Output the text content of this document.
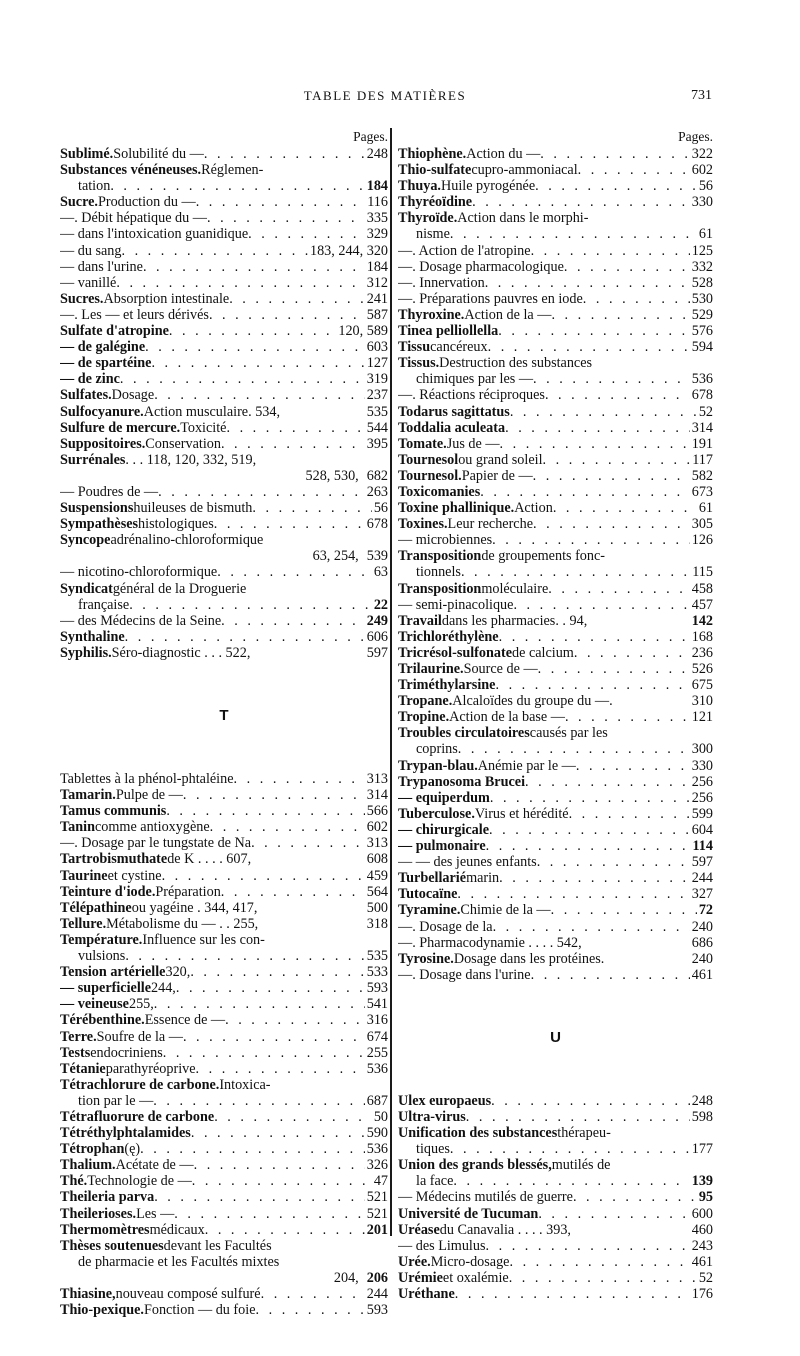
TABLE DES MATIÈRES	731
Pages.
Sublimé. Solubilité du — . . .	248
Substances vénéneuses. Réglemen-
tation . . .	184
Sucre. Production du — . . .	116
—. Débit hépatique du — . . .	335
— dans l'intoxication guanidique . . .	329
— du sang . . .	183, 244, 320
— dans l'urine . . .	184
— vanillé . . .	312
Sucres. Absorption intestinale . . .	241
—. Les — et leurs dérivés . . .	587
Sulfate d'atropine . . .	120, 589
— de galégine . . .	603
— de spartéine . . .	127
— de zinc . . .	319
Sulfates. Dosage . . .	237
Sulfocyanure. Action musculaire. 534,	535
Sulfure de mercure. Toxicité . . .	544
Suppositoires. Conservation . . .	395
Surrénales . . . 118, 120, 332, 519,
528, 530, 682
— Poudres de — . . .	263
Suspensions huileuses de bismuth . . .	56
Sympathèses histologiques . . .	678
Syncope adrénalino-chloroformique
63, 254, 539
— nicotino-chloroformique . . .	63
Syndicat général de la Droguerie
française . . .	22
— des Médecins de la Seine . . .	249
Synthaline . . .	606
Syphilis. Séro-diagnostic . . . 522,	597
T
Tablettes à la phénol-phtaléine . . .	313
Tamarin. Pulpe de — . . .	314
Tamus communis . . .	566
Tanin comme antioxygène . . .	602
—. Dosage par le tungstate de Na . . .	313
Tartrobismuthate de K . . . . 607,	608
Taurine et cystine . . .	459
Teinture d'iode. Préparation . . .	564
Télépathine ou yagéine . 344, 417,	500
Tellure. Métabolisme du — . . 255,	318
Température. Influence sur les con-
vulsions . . .	535
Tension artérielle 320, . . .	533
— superficielle 244, . . .	593
— veineuse 255, . . .	541
Térébenthine. Essence de — . . .	316
Terre. Soufre de la — . . .	674
Tests endocriniens . . .	255
Tétanie parathyréoprive . . .	536
Tétrachlorure de carbone. Intoxica-
tion par le — . . .	687
Tétrafluorure de carbone . . .	50
Tétréthylphtalamides . . .	590
Tétrophan (ę) . . .	536
Thalium. Acétate de — . . .	326
Thé. Technologie de — . . .	47
Theileria parva . . .	521
Theilerioses. Les — . . .	521
Thermomètres médicaux . . .	201
Thèses soutenues devant les Facultés
de pharmacie et les Facultés mixtes
204, 206
Thiasine, nouveau composé sulfuré . . .	244
Thio-pexique. Fonction — du foie . . .	593
Pages.
Thiophène. Action du — . . .	322
Thio-sulfate cupro-ammoniacal . . .	602
Thuya. Huile pyrogénée . . .	56
Thyréoïdine . . .	330
Thyroïde. Action dans le morphi-
nisme . . .	61
—. Action de l'atropine . . .	125
—. Dosage pharmacologique . . .	332
—. Innervation . . .	528
—. Préparations pauvres en iode . . .	530
Thyroxine. Action de la — . . .	529
Tinea pelliollella . . .	576
Tissu cancéreux . . .	594
Tissus. Destruction des substances
chimiques par les — . . .	536
—. Réactions réciproques . . .	678
Todarus sagittatus . . .	52
Toddalia aculeata . . .	314
Tomate. Jus de — . . .	191
Tournesol ou grand soleil . . .	117
Tournesol. Papier de — . . .	582
Toxicomanies . . .	673
Toxine phallinique. Action . . .	61
Toxines. Leur recherche . . .	305
— microbiennes . . .	126
Transposition de groupements fonc-
tionnels . . .	115
Transposition moléculaire . . .	458
— semi-pinacolique . . .	457
Travail dans les pharmacies. . 94,	142
Trichloréthylène . . .	168
Tricrésol-sulfonate de calcium . . .	236
Trilaurine. Source de — . . .	526
Triméthylarsine . . .	675
Tropane. Alcaloïdes du groupe du —.	310
Tropine. Action de la base — . . .	121
Troubles circulatoires causés par les
coprins . . .	300
Trypan-blau. Anémie par le — . . .	330
Trypanosoma Brucei . . .	256
— equiperdum . . .	256
Tuberculose. Virus et hérédité . . .	599
— chirurgicale . . .	604
— pulmonaire . . .	114
— — des jeunes enfants . . .	597
Turbellarié marin . . .	244
Tutocaïne . . .	327
Tyramine. Chimie de la — . . .	72
—. Dosage de la . . .	240
—. Pharmacodynamie . . . . 542,	686
Tyrosine. Dosage dans les protéines.	240
—. Dosage dans l'urine . . .	461
U
Ulex europaeus . . .	248
Ultra-virus . . .	598
Unification des substances thérapeu-
tiques . . .	177
Union des grands blessés, mutilés de
la face . . .	139
— Médecins mutilés de guerre . . .	95
Université de Tucuman . . .	600
Uréase du Canavalia . . . . 393,	460
— des Limulus . . .	243
Urée. Micro-dosage . . .	461
Urémie et oxalémie . . .	52
Uréthane . . .	176
